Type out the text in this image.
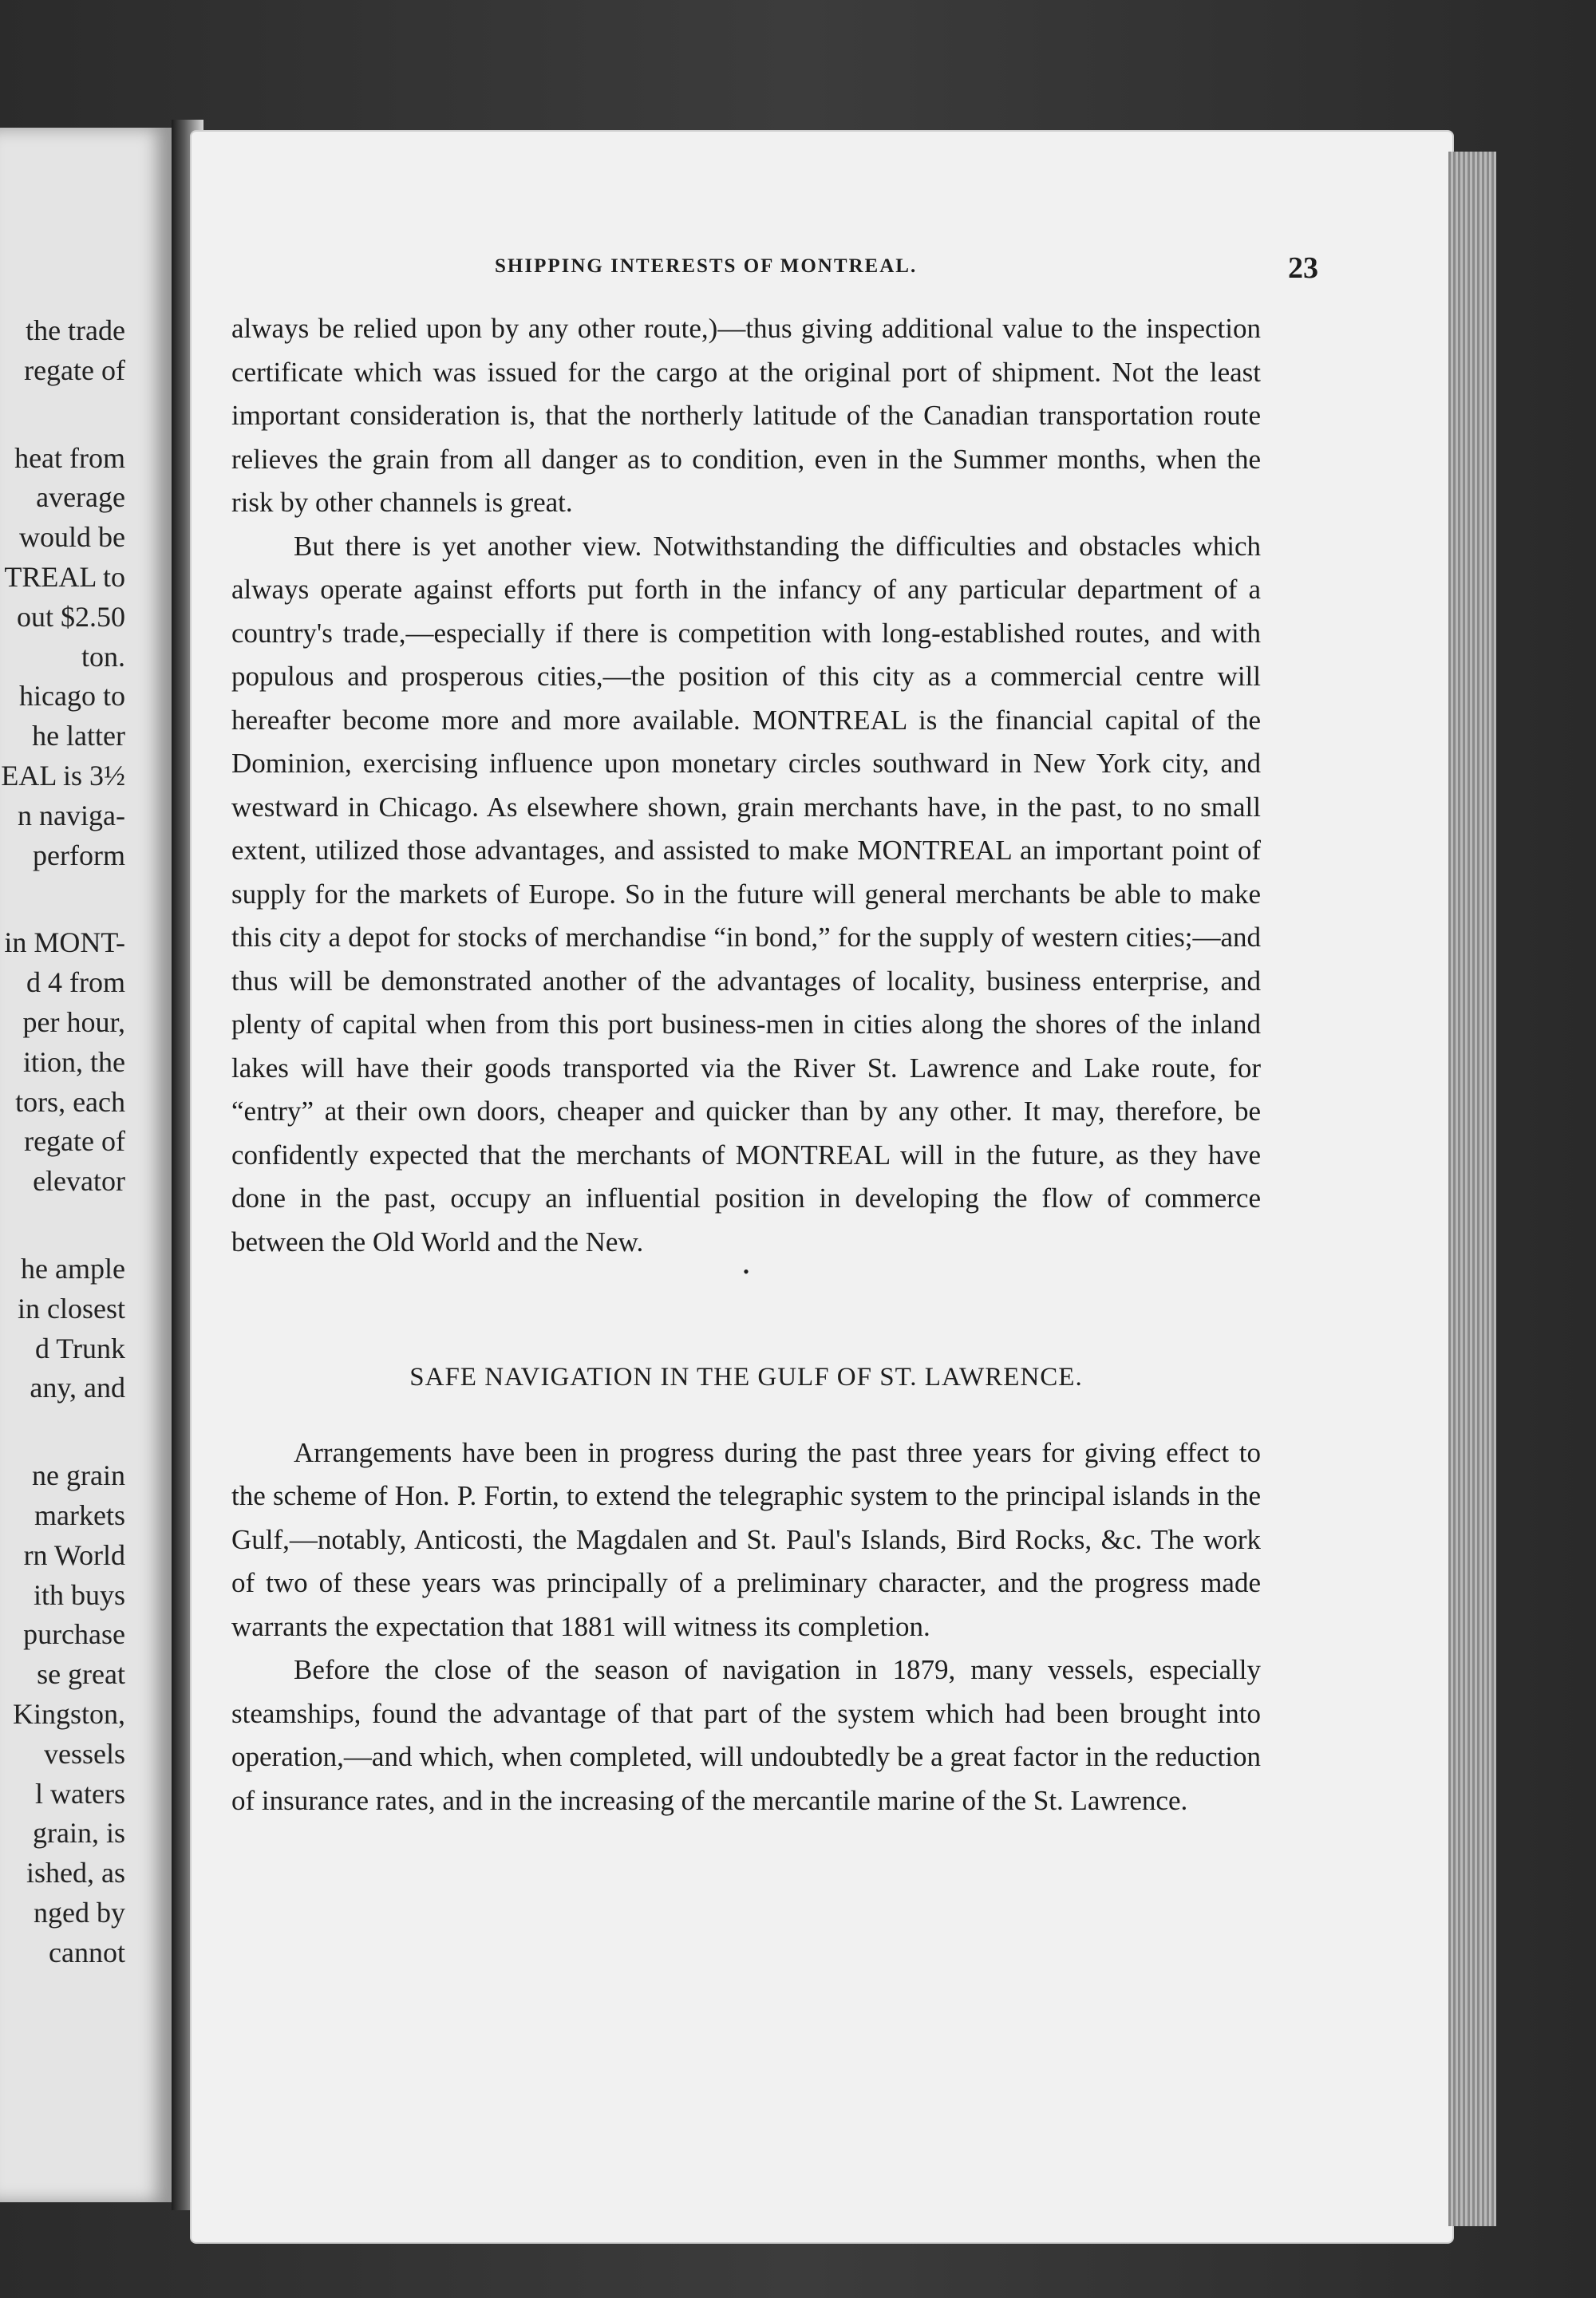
the trade
regate of
heat from
average
would be
TREAL to
out $2.50
ton.
hicago to
he latter
EAL is 3½
n naviga-
perform
in MONT-
d 4 from
per hour,
ition, the
tors, each
regate of
elevator
he ample
in closest
d Trunk
any, and
ne grain
markets
rn World
ith buys
purchase
se great
Kingston,
vessels
l waters
grain, is
ished, as
nged by
cannot
SHIPPING INTERESTS OF MONTREAL.	23

always be relied upon by any other route,)—thus giving additional value to the inspection certificate which was issued for the cargo at the original port of shipment. Not the least important consideration is, that the northerly latitude of the Canadian transportation route relieves the grain from all danger as to condition, even in the Summer months, when the risk by other channels is great.

But there is yet another view. Notwithstanding the difficulties and obstacles which always operate against efforts put forth in the infancy of any particular department of a country's trade,—especially if there is competition with long-established routes, and with populous and prosperous cities,—the position of this city as a commercial centre will hereafter become more and more available. MONTREAL is the financial capital of the Dominion, exercising influence upon monetary circles southward in New York city, and westward in Chicago. As elsewhere shown, grain merchants have, in the past, to no small extent, utilized those advantages, and assisted to make MONTREAL an important point of supply for the markets of Europe. So in the future will general merchants be able to make this city a depot for stocks of merchandise “in bond,” for the supply of western cities;—and thus will be demonstrated another of the advantages of locality, business enterprise, and plenty of capital when from this port business-men in cities along the shores of the inland lakes will have their goods transported via the River St. Lawrence and Lake route, for “entry” at their own doors, cheaper and quicker than by any other. It may, therefore, be confidently expected that the merchants of MONTREAL will in the future, as they have done in the past, occupy an influential position in developing the flow of commerce between the Old World and the New.

•
SAFE NAVIGATION IN THE GULF OF ST. LAWRENCE.

Arrangements have been in progress during the past three years for giving effect to the scheme of Hon. P. Fortin, to extend the telegraphic system to the principal islands in the Gulf,—notably, Anticosti, the Magdalen and St. Paul's Islands, Bird Rocks, &c. The work of two of these years was principally of a preliminary character, and the progress made warrants the expectation that 1881 will witness its completion.

Before the close of the season of navigation in 1879, many vessels, especially steamships, found the advantage of that part of the system which had been brought into operation,—and which, when completed, will undoubtedly be a great factor in the reduction of insurance rates, and in the increasing of the mercantile marine of the St. Lawrence.
